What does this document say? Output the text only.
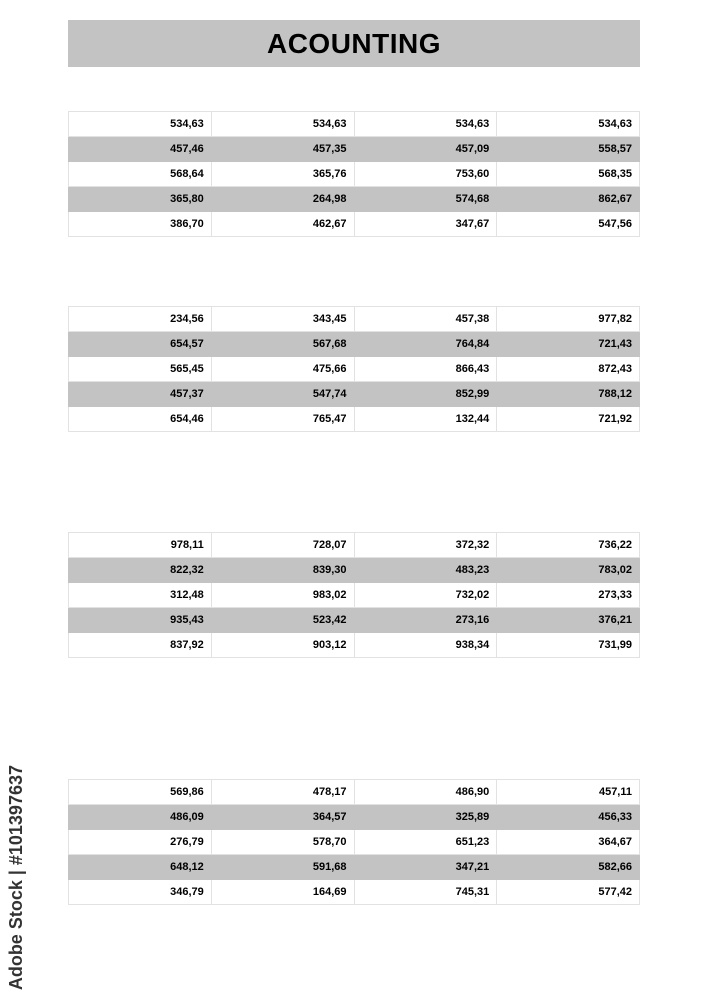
ACOUNTING
534,63	534,63	534,63	534,63
457,46	457,35	457,09	558,57
568,64	365,76	753,60	568,35
365,80	264,98	574,68	862,67
386,70	462,67	347,67	547,56
234,56	343,45	457,38	977,82
654,57	567,68	764,84	721,43
565,45	475,66	866,43	872,43
457,37	547,74	852,99	788,12
654,46	765,47	132,44	721,92
978,11	728,07	372,32	736,22
822,32	839,30	483,23	783,02
312,48	983,02	732,02	273,33
935,43	523,42	273,16	376,21
837,92	903,12	938,34	731,99
569,86	478,17	486,90	457,11
486,09	364,57	325,89	456,33
276,79	578,70	651,23	364,67
648,12	591,68	347,21	582,66
346,79	164,69	745,31	577,42
Adobe Stock | #101397637
